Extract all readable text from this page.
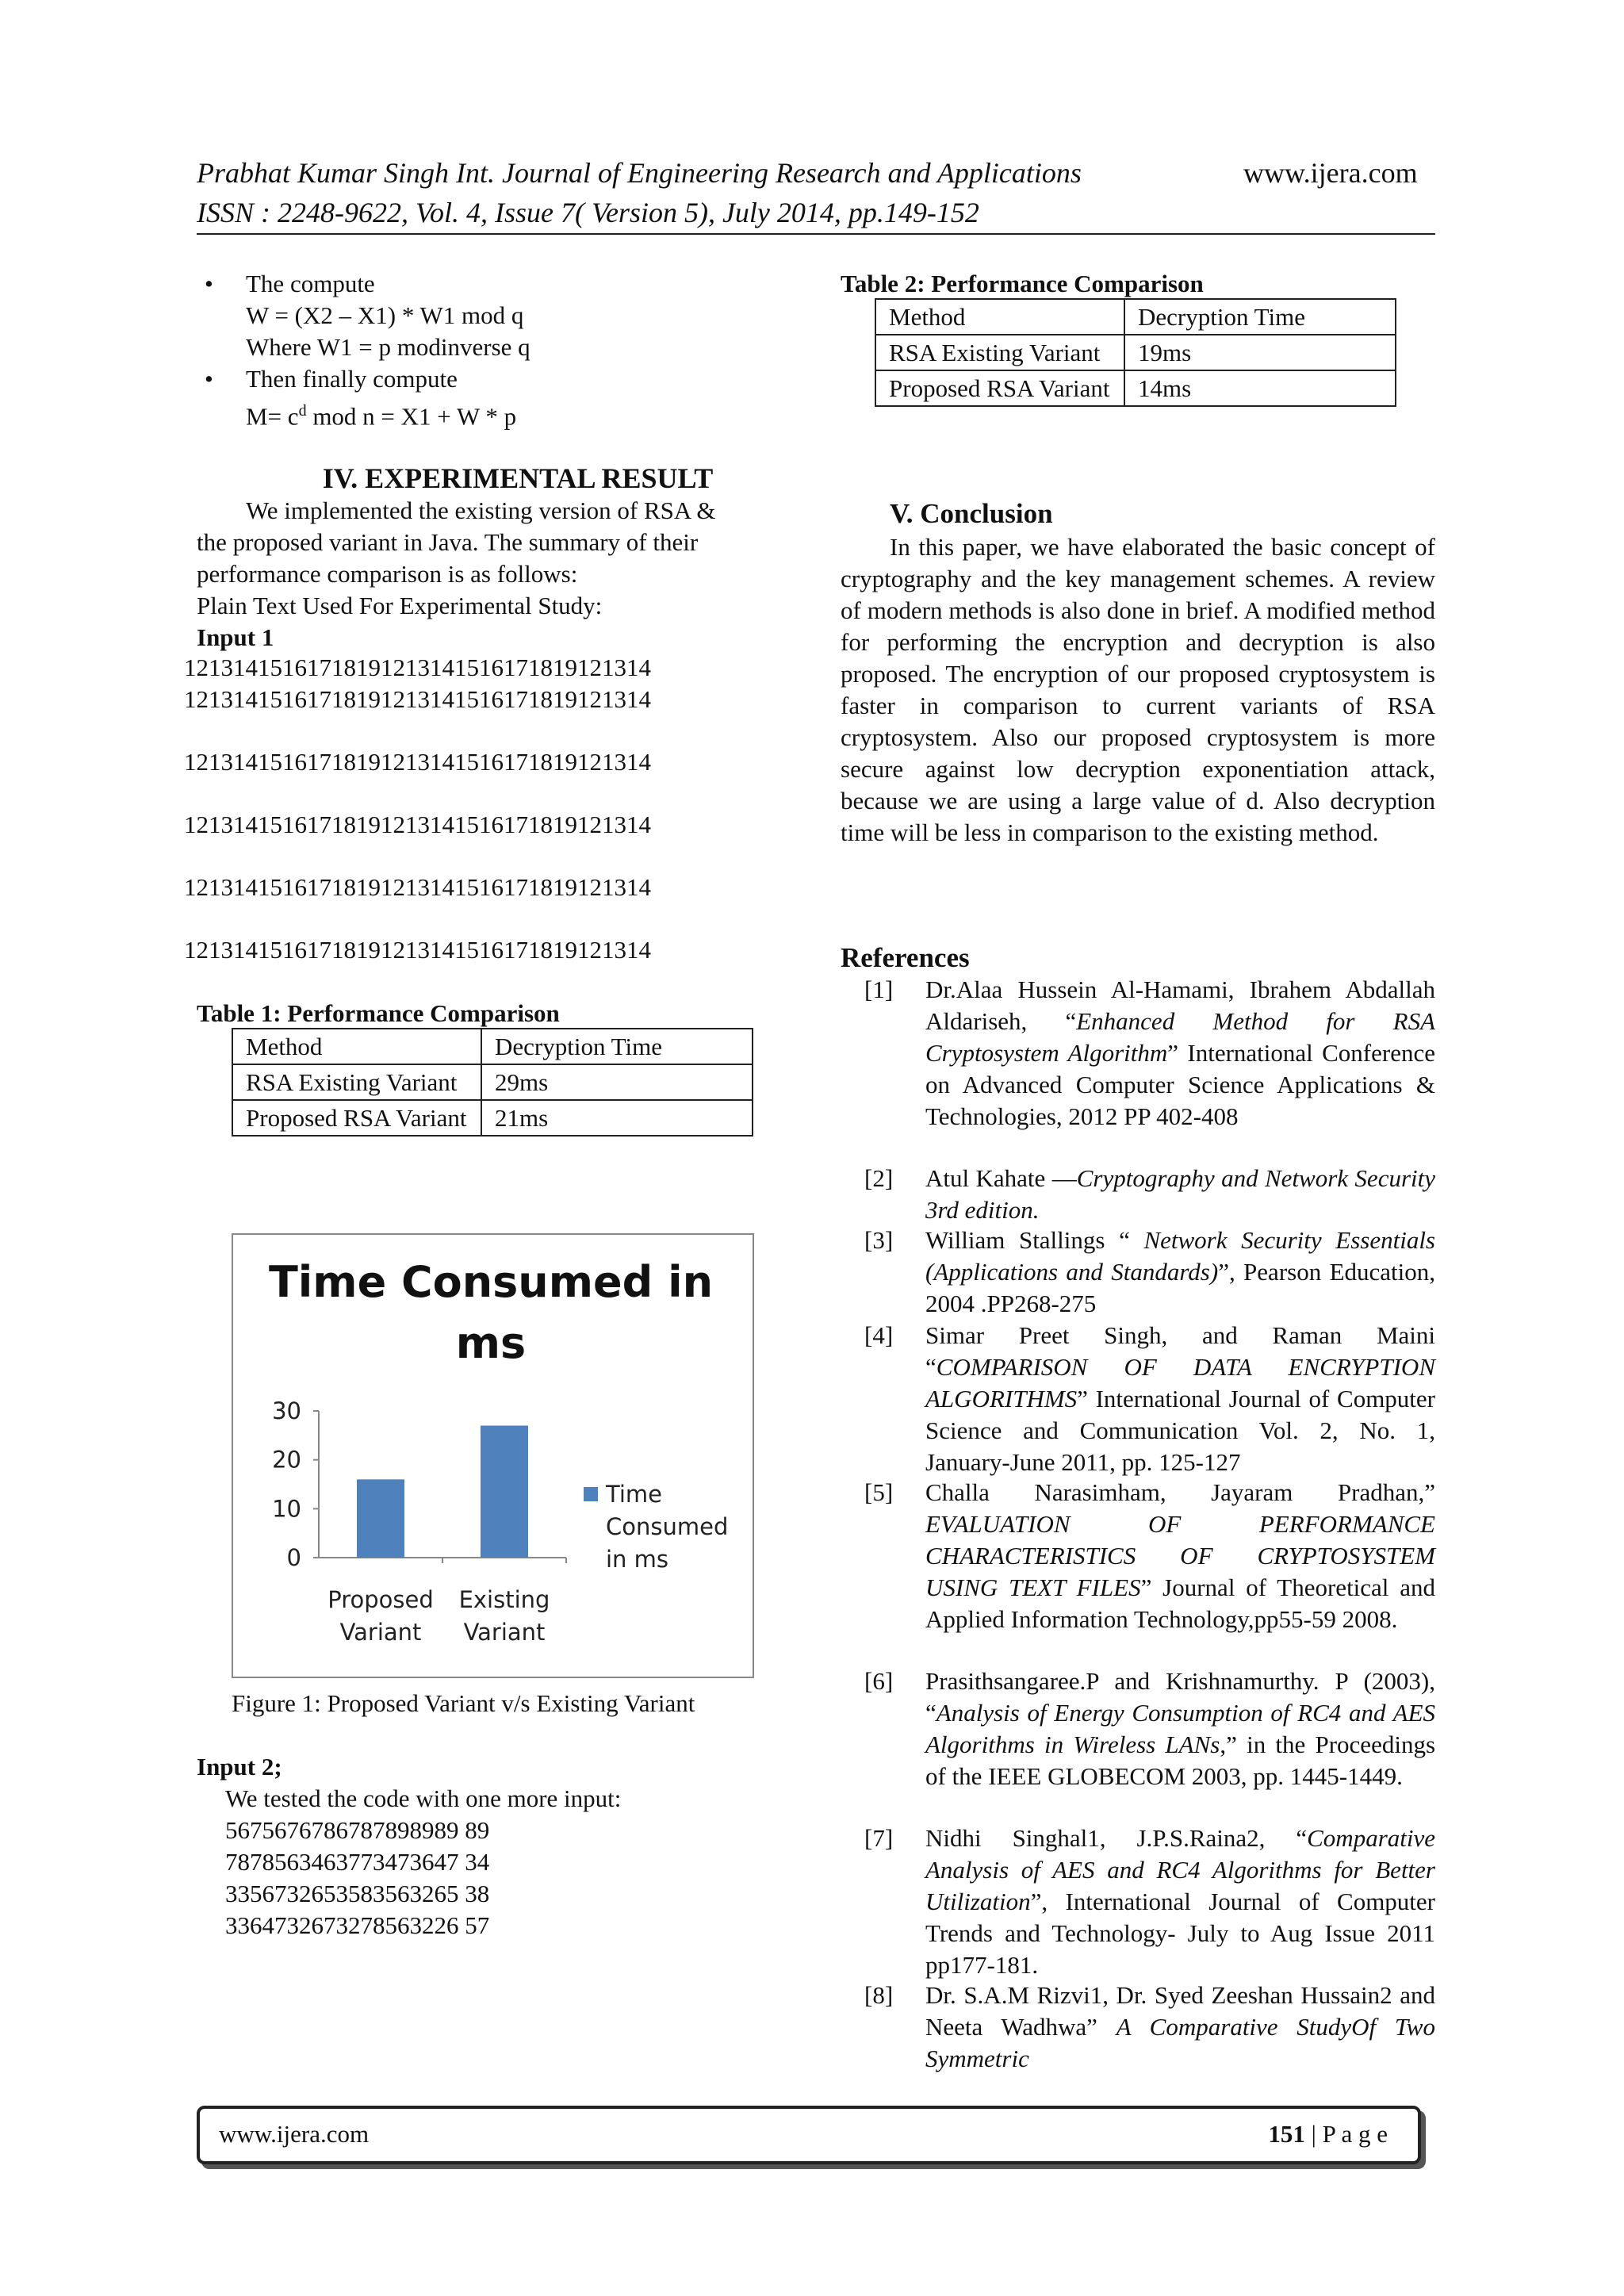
Prabhat Kumar Singh Int. Journal of Engineering Research and Applications	www.ijera.com
ISSN : 2248-9622, Vol. 4, Issue 7( Version 5), July 2014, pp.149-152
• The compute

W = (X2 – X1) * W1 mod q

Where W1 = p modinverse q

• Then finally compute

$M= c^d$ mod n = X1 + W * p

IV. EXPERIMENTAL RESULT

We implemented the existing version of RSA &

the proposed variant in Java. The summary of their

performance comparison is as follows:

Plain Text Used For Experimental Study:

Input 1

12131415161718191213141516171819121314
12131415161718191213141516171819121314
12131415161718191213141516171819121314
12131415161718191213141516171819121314
12131415161718191213141516171819121314
12131415161718191213141516171819121314
Table 1: Performance Comparison
Method	Decryption Time
RSA Existing Variant	29ms
Proposed RSA Variant	21ms
Time Consumed in
ms
0
10
20
30
Proposed
Variant
Existing
Variant
Time
Consumed
in ms
Figure 1: Proposed Variant v/s Existing Variant
Input 2;

We tested the code with one more input:

5675676786787898989 89

7878563463773473647 34

3356732653583563265 38

3364732673278563226 57

Table 2: Performance Comparison
Method	Decryption Time
RSA Existing Variant	19ms
Proposed RSA Variant	14ms
V. Conclusion
In this paper, we have elaborated the basic concept of cryptography and the key management schemes. A review of modern methods is also done in brief. A modified method for performing the encryption and decryption is also proposed. The encryption of our proposed cryptosystem is faster in comparison to current variants of RSA cryptosystem. Also our proposed cryptosystem is more secure against low decryption exponentiation attack, because we are using a large value of d. Also decryption time will be less in comparison to the existing method.
References
[1]	Dr.Alaa Hussein Al-Hamami, Ibrahem Abdallah Aldariseh, “Enhanced Method for RSA Cryptosystem Algorithm” International Conference on Advanced Computer Science Applications & Technologies, 2012 PP 402-408
[2]	Atul Kahate ―Cryptography and Network Security 3rd edition.
[3]	William Stallings “ Network Security Essentials (Applications and Standards)”, Pearson Education, 2004 .PP268-275
[4]	Simar Preet Singh, and Raman Maini “COMPARISON OF DATA ENCRYPTION ALGORITHMS” International Journal of Computer Science and Communication Vol. 2, No. 1, January-June 2011, pp. 125-127
[5]	Challa Narasimham, Jayaram Pradhan,” EVALUATION OF PERFORMANCE CHARACTERISTICS OF CRYPTOSYSTEM USING TEXT FILES” Journal of Theoretical and Applied Information Technology,pp55-59 2008.
[6]	Prasithsangaree.P and Krishnamurthy. P (2003), “Analysis of Energy Consumption of RC4 and AES Algorithms in Wireless LANs,” in the Proceedings of the IEEE GLOBECOM 2003, pp. 1445-1449.
[7]	Nidhi Singhal1, J.P.S.Raina2, “Comparative Analysis of AES and RC4 Algorithms for Better Utilization”, International Journal of Computer Trends and Technology- July to Aug Issue 2011 pp177-181.
[8]	Dr. S.A.M Rizvi1, Dr. Syed Zeeshan Hussain2 and Neeta Wadhwa” A Comparative StudyOf Two Symmetric
www.ijera.com	151 | P a g e
